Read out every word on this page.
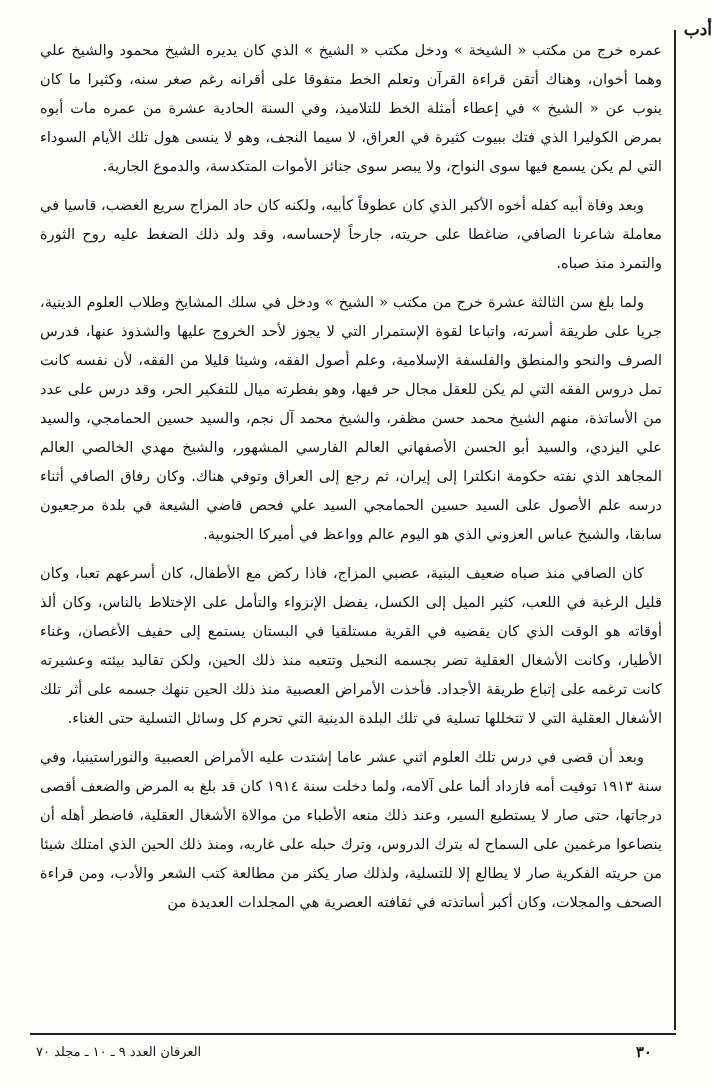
أدب

عمره خرج من مكتب « الشيخة » ودخل مكتب « الشيخ » الذي كان يديره الشيخ محمود والشيخ علي وهما أخوان، وهناك أتقن قراءة القرآن وتعلم الخط متفوقا على أقرانه رغم صغر سنه، وكثيرا ما كان ينوب عن « الشيخ » في إعطاء أمثلة الخط للتلاميذ، وفي السنة الحادية عشرة من عمره مات أبوه بمرض الكوليرا الذي فتك ببيوت كثيرة في العراق، لا سيما النجف، وهو لا ينسى هول تلك الأيام السوداء التي لم يكن يسمع فيها سوى النواح، ولا يبصر سوى جنائز الأموات المتكدسة، والدموع الجارية.

وبعد وفاة أبيه كفله أخوه الأكبر الذي كان عطوفاً كأبيه، ولكنه كان حاد المزاج سريع الغضب، قاسيا في معاملة شاعرنا الصافي، ضاغطا على حريته، جارحاً لإحساسه، وقد ولد ذلك الضغط عليه روح الثورة والتمرد منذ صباه.

ولما بلغ سن الثالثة عشرة خرج من مكتب « الشيخ » ودخل في سلك المشايخ وطلاب العلوم الدينية، جريا على طريقة أسرته، واتباعا لقوة الإستمرار التي لا يجوز لأحد الخروج عليها والشذوذ عنها، فدرس الصرف والنحو والمنطق والفلسفة الإسلامية، وعلم أصول الفقه، وشيئا قليلا من الفقه، لأن نفسه كانت تمل دروس الفقه التي لم يكن للعقل مجال حر فيها، وهو بفطرته ميال للتفكير الحر، وقد درس على عدد من الأساتذة، منهم الشيخ محمد حسن مظفر، والشيخ محمد آل نجم، والسيد حسين الحمامجي، والسيد علي اليزدي، والسيد أبو الحسن الأصفهاني العالم الفارسي المشهور، والشيخ مهدي الخالصي العالم المجاهد الذي نفته حكومة انكلترا إلى إيران، ثم رجع إلى العراق وتوفي هناك. وكان رفاق الصافي أثناء درسه علم الأصول على السيد حسين الحمامجي السيد علي فحص قاضي الشيعة في بلدة مرجعيون سابقا، والشيخ عباس العزوني الذي هو اليوم عالم وواعظ في أميركا الجنوبية.

كان الصافي منذ صباه ضعيف البنية، عصبي المزاج، فاذا ركض مع الأطفال، كان أسرعهم تعبا، وكان قليل الرغبة في اللعب، كثير الميل إلى الكسل، يفضل الإنزواء والتأمل على الإختلاط بالناس، وكان ألذ أوقاته هو الوقت الذي كان يقضيه في القرية مستلقيا في البستان يستمع إلى حفيف الأغصان، وغناء الأطيار، وكانت الأشغال العقلية تضر بجسمه النحيل وتتعبه منذ ذلك الحين، ولكن تقاليد بيئته وعشيرته كانت ترغمه على إتباع طريقة الأجداد. فأخذت الأمراض العصبية منذ ذلك الحين تنهك جسمه على أثر تلك الأشغال العقلية التي لا تتخللها تسلية في تلك البلدة الدينية التي تحرم كل وسائل التسلية حتى الغناء.

وبعد أن قضى في درس تلك العلوم اثني عشر عاما إشتدت عليه الأمراض العصبية والنوراستينيا، وفي سنة ١٩١٣ توفيت أمه فازداد ألما على آلامه، ولما دخلت سنة ١٩١٤ كان قد بلغ به المرض والضعف أقصى درجاتها، حتى صار لا يستطيع السير، وعند ذلك منعه الأطباء من موالاة الأشغال العقلية، فاضطر أهله أن ينصاعوا مرغمين على السماح له بترك الدروس، وترك حبله على غاربه، ومنذ ذلك الحين الذي امتلك شيئا من حريته الفكرية صار لا يطالع إلا للتسلية، ولذلك صار يكثر من مطالعة كتب الشعر والأدب، ومن قراءة الصحف والمجلات، وكان أكبر أساتذته في ثقافته العصرية هي المجلدات العديدة من

العرفان العدد ٩ ـ ١٠ ـ مجلد ٧٠	٣٠
